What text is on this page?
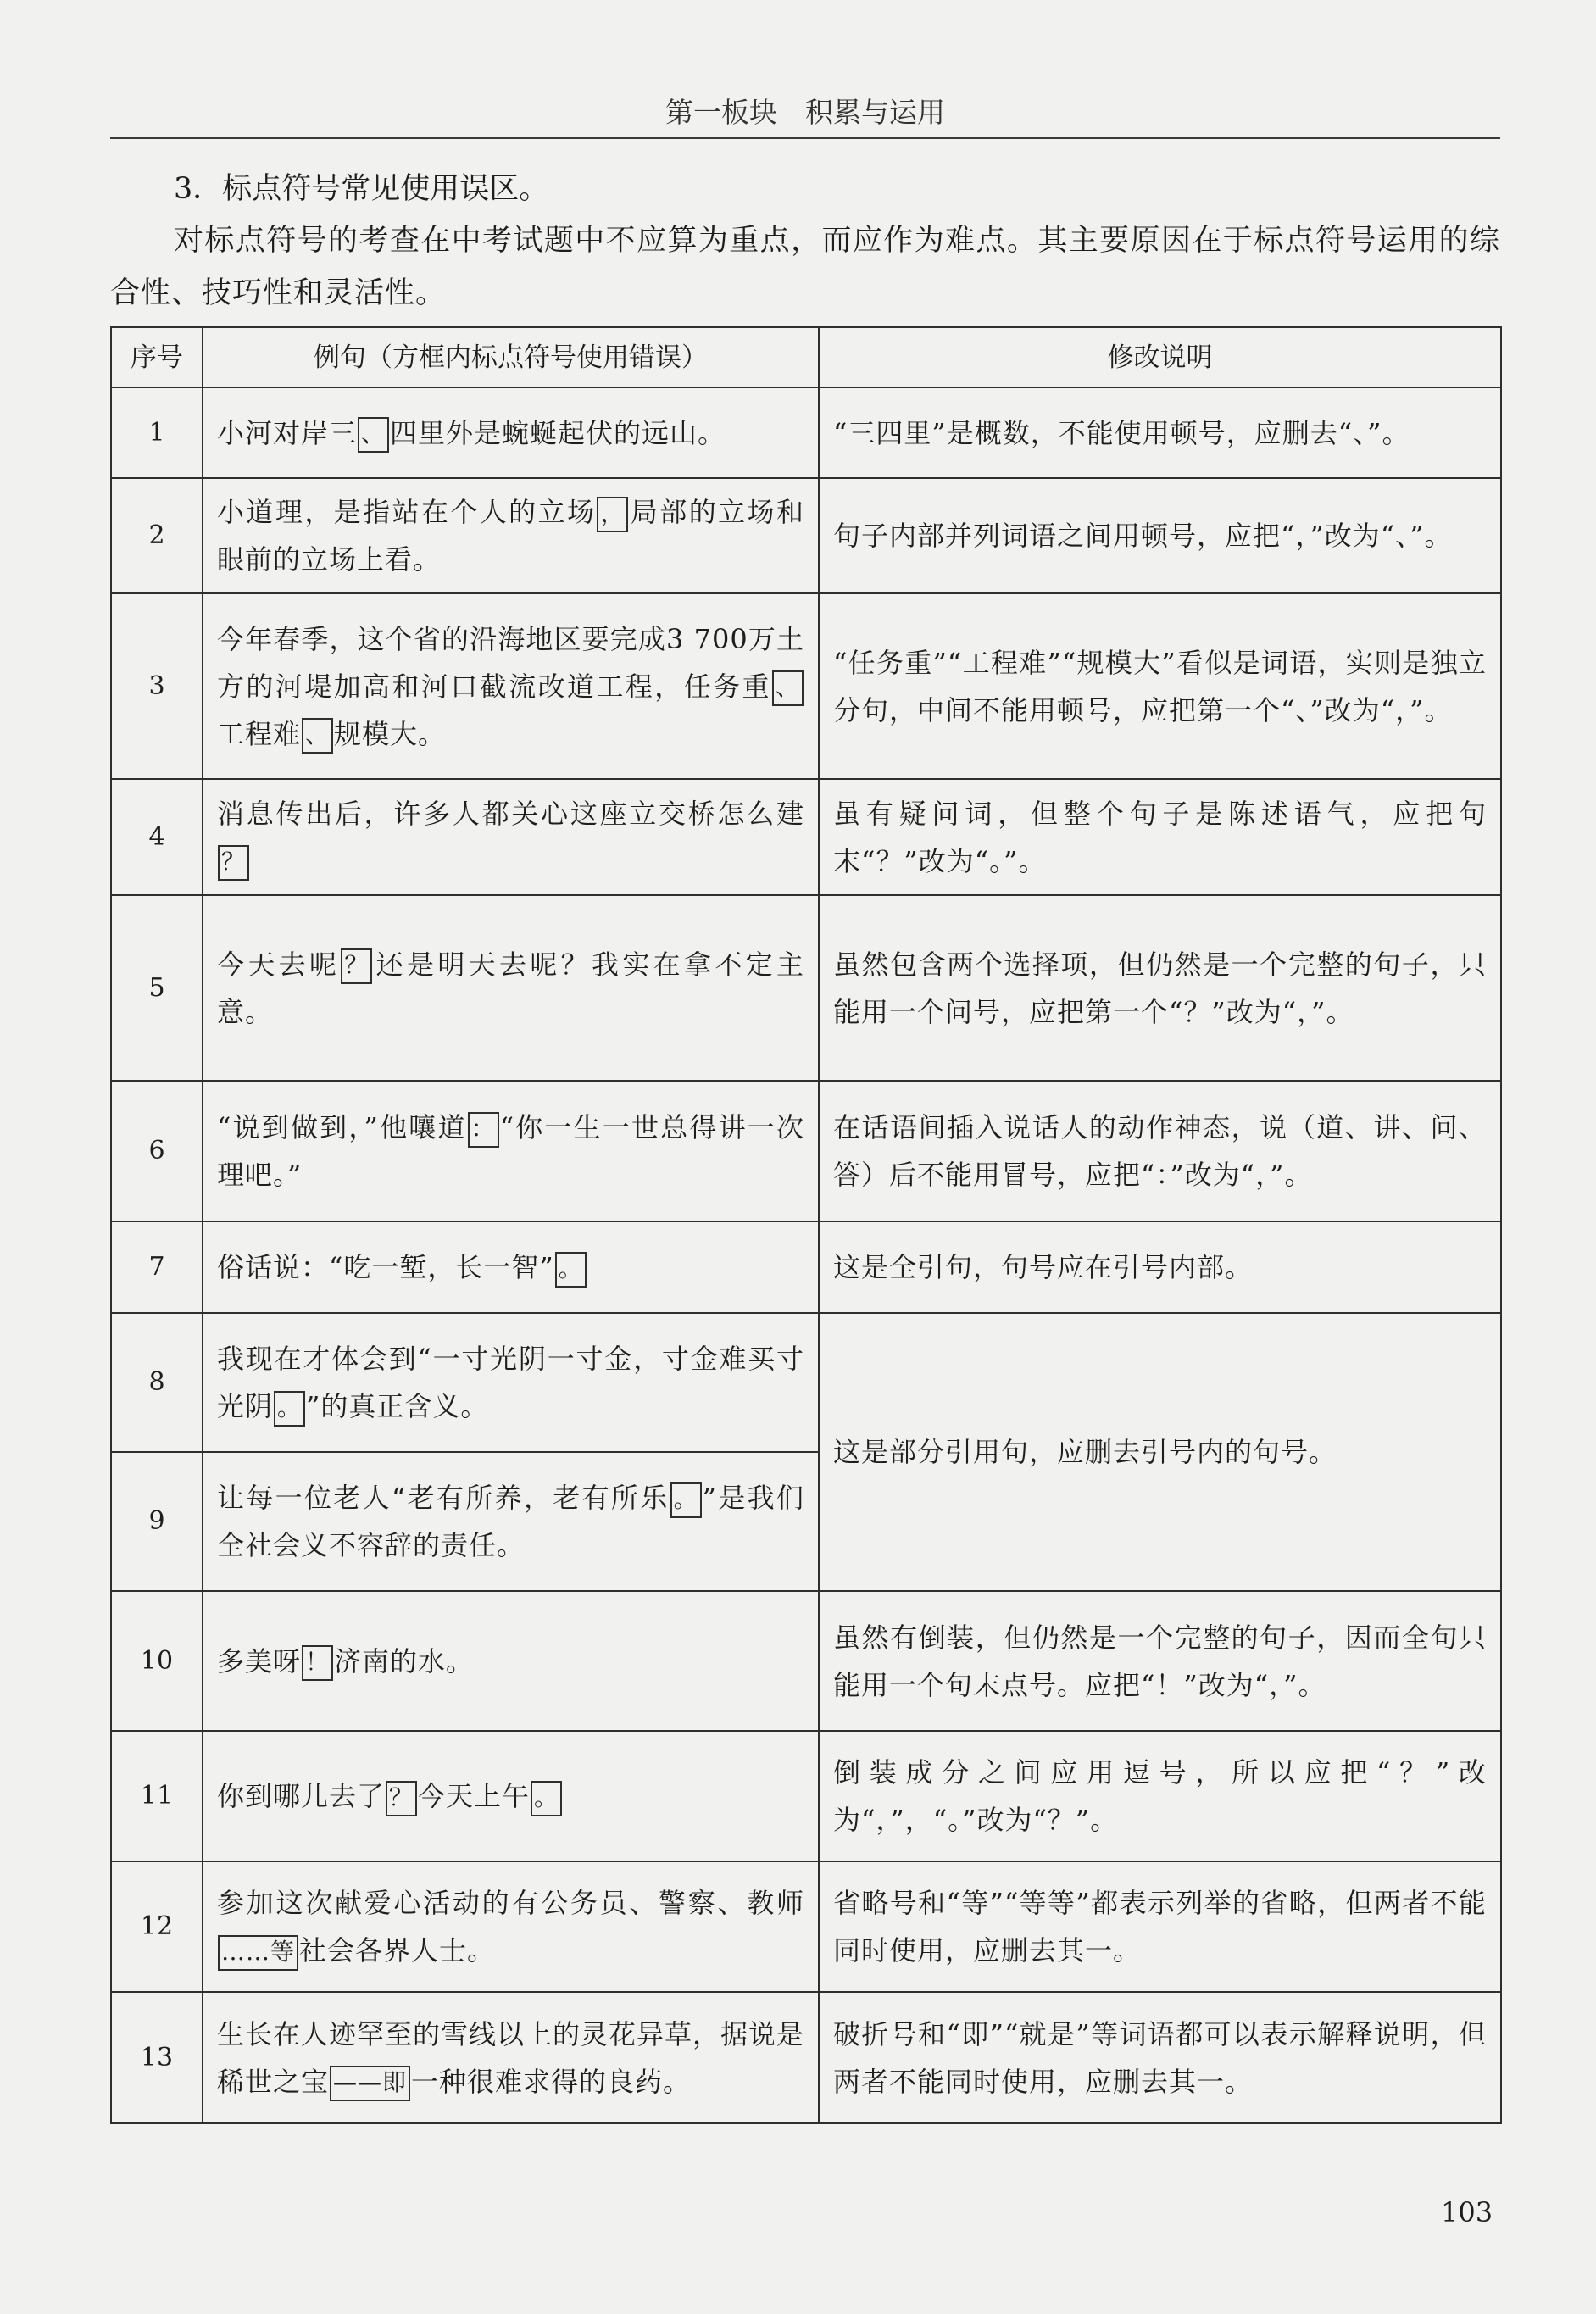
第一板块　积累与运用
3．标点符号常见使用误区。
对标点符号的考查在中考试题中不应算为重点，而应作为难点。其主要原因在于标点符号运用的综合性、技巧性和灵活性。
序号	例句（方框内标点符号使用错误）	修改说明
1	小河对岸三 、 四里外是蜿蜒起伏的远山。	“三四里”是概数，不能使用顿号，应删去“、”。
2	小道理，是指站在个人的立场 ， 局部的立场和眼前的立场上看。	句子内部并列词语之间用顿号，应把“，”改为“、”。
3	今年春季，这个省的沿海地区要完成3 700万土方的河堤加高和河口截流改道工程，任务重 、工程难 、 规模大。	“任务重”“工程难”“规模大”看似是词语，实则是独立分句，中间不能用顿号，应把第一个“、”改为“，”。
4	消息传出后，许多人都关心这座立交桥怎么建？	虽有疑问词，但整个句子是陈述语气，应把句末“？”改为“。”。
5	今天去呢 ？ 还是明天去呢？我实在拿不定主意。	虽然包含两个选择项，但仍然是一个完整的句子，只能用一个问号，应把第一个“？”改为“，”。
6	“说到做到，”他嚷道 ： “你一生一世总得讲一次理吧。”	在话语间插入说话人的动作神态，说（道、讲、问、答）后不能用冒号，应把“：”改为“，”。
7	俗话说：“吃一堑，长一智” 。	这是全引句，句号应在引号内部。
8	我现在才体会到“一寸光阴一寸金，寸金难买寸光阴 。 ”的真正含义。	这是部分引用句，应删去引号内的句号。
9	让每一位老人“老有所养，老有所乐 。 ”是我们全社会义不容辞的责任。	
10	多美呀 ！ 济南的水。	虽然有倒装，但仍然是一个完整的句子，因而全句只能用一个句末点号。应把“！”改为“，”。
11	你到哪儿去了 ？ 今天上午 。	倒装成分之间应用逗号，所以应把“？”改为“，”，“。”改为“？”。
12	参加这次献爱心活动的有公务员、警察、教师……等 社会各界人士。	省略号和“等”“等等”都表示列举的省略，但两者不能同时使用，应删去其一。
13	生长在人迹罕至的雪线以上的灵花异草，据说是稀世之宝 ——即 一种很难求得的良药。	破折号和“即”“就是”等词语都可以表示解释说明，但两者不能同时使用，应删去其一。
103
